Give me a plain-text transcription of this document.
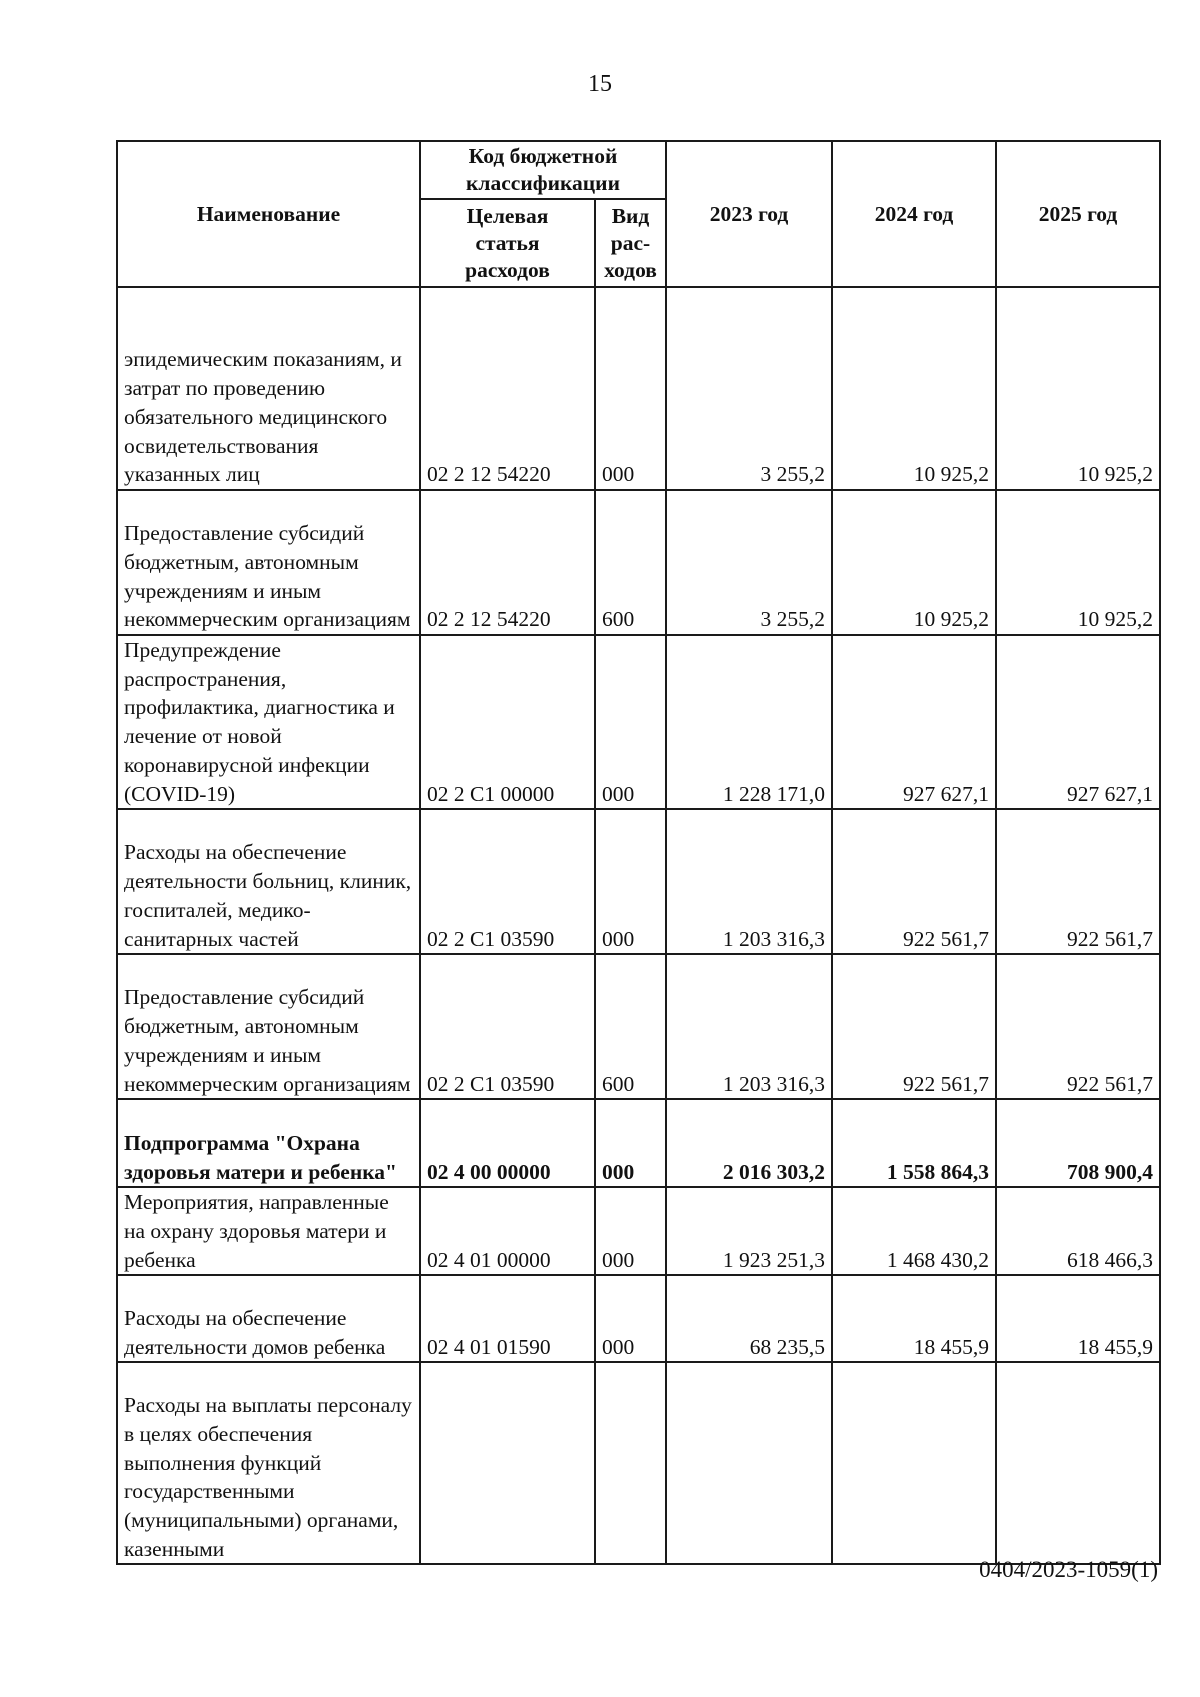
15
Наименование	Код бюджетной классификации		2023 год	2024 год	2025 год
	Целевая статья расходов	Вид рас-ходов			
эпидемическим показаниям, и затрат по проведению обязательного медицинского освидетельствования указанных лиц	02 2 12 54220	000	3 255,2	10 925,2	10 925,2
Предоставление субсидий бюджетным, автономным учреждениям и иным некоммерческим организациям	02 2 12 54220	600	3 255,2	10 925,2	10 925,2
Предупреждение распространения, профилактика, диагностика и лечение от новой коронавирусной инфекции (COVID-19)	02 2 С1 00000	000	1 228 171,0	927 627,1	927 627,1
Расходы на обеспечение деятельности больниц, клиник, госпиталей, медико-санитарных частей	02 2 С1 03590	000	1 203 316,3	922 561,7	922 561,7
Предоставление субсидий бюджетным, автономным учреждениям и иным некоммерческим организациям	02 2 С1 03590	600	1 203 316,3	922 561,7	922 561,7
Подпрограмма "Охрана здоровья матери и ребенка"	02 4 00 00000	000	2 016 303,2	1 558 864,3	708 900,4
Мероприятия, направленные на охрану здоровья матери и ребенка	02 4 01 00000	000	1 923 251,3	1 468 430,2	618 466,3
Расходы на обеспечение деятельности домов ребенка	02 4 01 01590	000	68 235,5	18 455,9	18 455,9
Расходы на выплаты персоналу в целях обеспечения выполнения функций государственными (муниципальными) органами, казенными					
0404/2023-1059(1)
